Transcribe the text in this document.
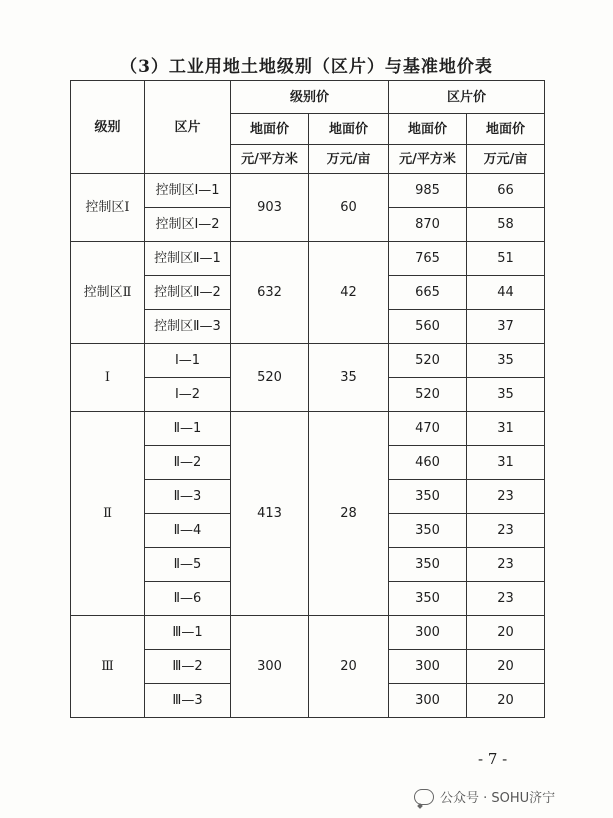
（3）工业用地土地级别（区片）与基准地价表
级别	区片	级别价		区片价	
		地面价	地面价	地面价	地面价
		元/平方米	万元/亩	元/平方米	万元/亩
控制区Ⅰ	控制区Ⅰ—1	903	60	985	66
	控制区Ⅰ—2			870	58
控制区Ⅱ	控制区Ⅱ—1	632	42	765	51
	控制区Ⅱ—2			665	44
	控制区Ⅱ—3			560	37
Ⅰ	Ⅰ—1	520	35	520	35
	Ⅰ—2			520	35
Ⅱ	Ⅱ—1	413	28	470	31
	Ⅱ—2			460	31
	Ⅱ—3			350	23
	Ⅱ—4			350	23
	Ⅱ—5			350	23
	Ⅱ—6			350	23
Ⅲ	Ⅲ—1	300	20	300	20
	Ⅲ—2			300	20
	Ⅲ—3			300	20
- 7 -
公众号 · SOHU济宁
